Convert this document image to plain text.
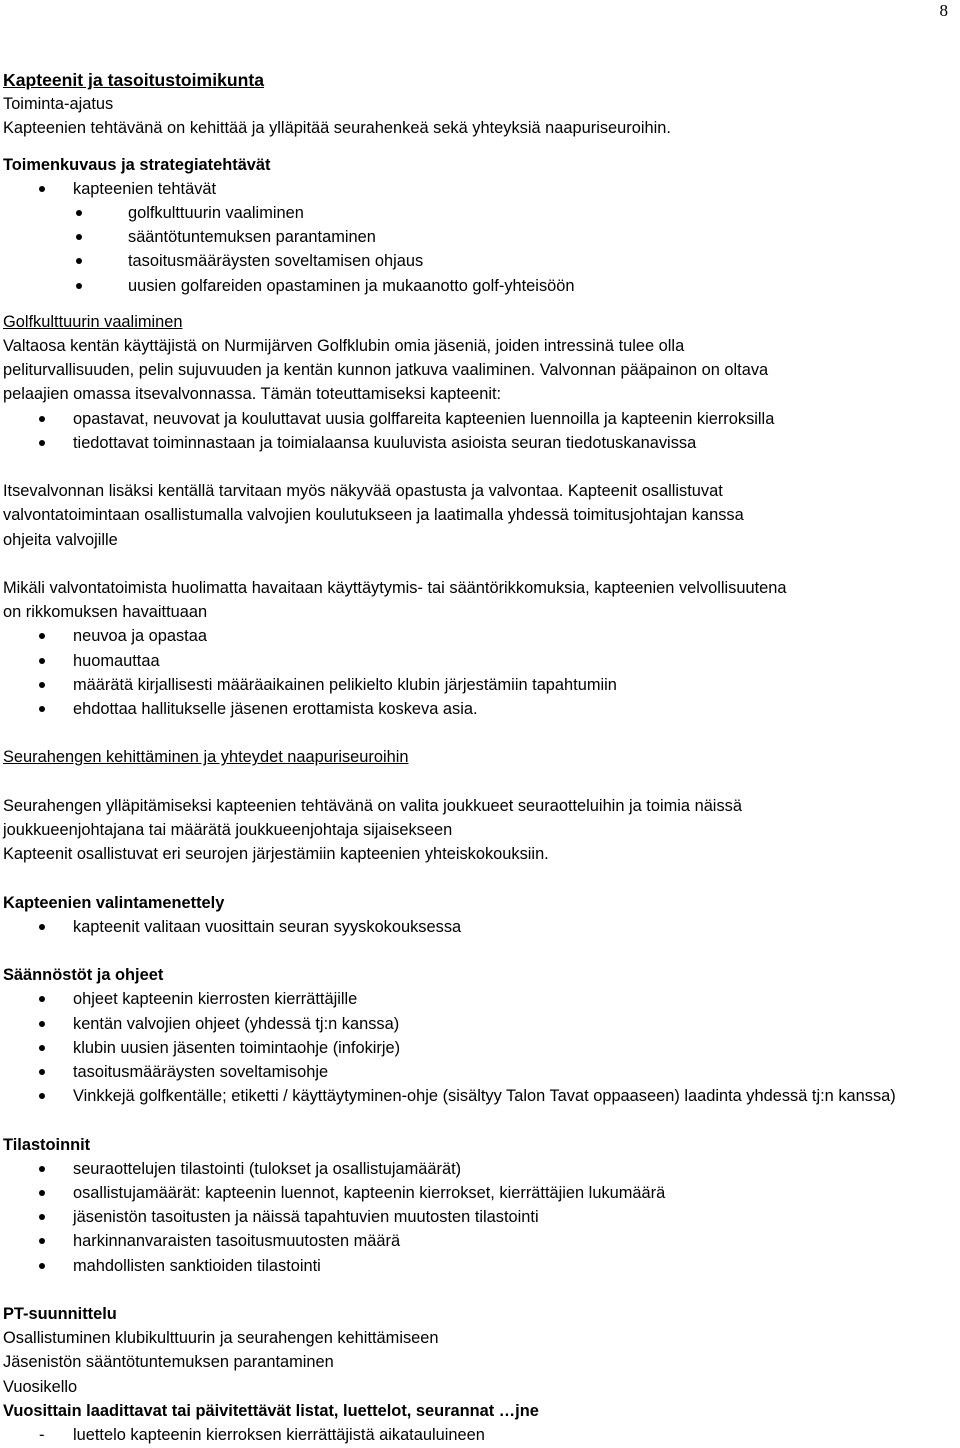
8
Kapteenit ja tasoitustoimikunta
Toiminta-ajatus
Kapteenien tehtävänä on kehittää ja ylläpitää seurahenkeä sekä yhteyksiä naapuriseuroihin.
Toimenkuvaus ja strategiatehtävät
kapteenien tehtävät
golfkulttuurin vaaliminen
sääntötuntemuksen parantaminen
tasoitusmääräysten soveltamisen ohjaus
uusien golfareiden opastaminen ja mukaanotto golf-yhteisöön
Golfkulttuurin vaaliminen
Valtaosa kentän käyttäjistä on Nurmijärven Golfklubin omia jäseniä, joiden intressinä tulee olla
peliturvallisuuden, pelin sujuvuuden ja kentän kunnon jatkuva vaaliminen. Valvonnan pääpainon on oltava
pelaajien omassa itsevalvonnassa. Tämän toteuttamiseksi kapteenit:
opastavat, neuvovat ja kouluttavat uusia golffareita kapteenien luennoilla ja kapteenin kierroksilla
tiedottavat toiminnastaan ja toimialaansa kuuluvista asioista seuran tiedotuskanavissa
Itsevalvonnan lisäksi kentällä tarvitaan myös näkyvää opastusta ja valvontaa. Kapteenit osallistuvat
valvontatoimintaan osallistumalla valvojien koulutukseen ja laatimalla yhdessä toimitusjohtajan kanssa
ohjeita valvojille
Mikäli valvontatoimista huolimatta havaitaan käyttäytymis- tai sääntörikkomuksia, kapteenien velvollisuutena
on rikkomuksen havaittuaan
neuvoa ja opastaa
huomauttaa
määrätä kirjallisesti määräaikainen pelikielto klubin järjestämiin tapahtumiin
ehdottaa hallitukselle jäsenen erottamista koskeva asia.
Seurahengen kehittäminen ja yhteydet naapuriseuroihin
Seurahengen ylläpitämiseksi kapteenien tehtävänä on valita joukkueet seuraotteluihin ja toimia näissä
joukkueenjohtajana tai määrätä joukkueenjohtaja sijaisekseen
Kapteenit osallistuvat eri seurojen järjestämiin kapteenien yhteiskokouksiin.
Kapteenien valintamenettely
kapteenit valitaan vuosittain seuran syyskokouksessa
Säännöstöt ja ohjeet
ohjeet kapteenin kierrosten kierrättäjille
kentän valvojien ohjeet (yhdessä tj:n kanssa)
klubin uusien jäsenten toimintaohje (infokirje)
tasoitusmääräysten soveltamisohje
Vinkkejä golfkentälle; etiketti / käyttäytyminen-ohje (sisältyy Talon Tavat oppaaseen) laadinta yhdessä tj:n kanssa)
Tilastoinnit
seuraottelujen tilastointi (tulokset ja osallistujamäärät)
osallistujamäärät: kapteenin luennot, kapteenin kierrokset, kierrättäjien lukumäärä
jäsenistön tasoitusten ja näissä tapahtuvien muutosten tilastointi
harkinnanvaraisten tasoitusmuutosten määrä
mahdollisten sanktioiden tilastointi
PT-suunnittelu
Osallistuminen klubikulttuurin ja seurahengen kehittämiseen
Jäsenistön sääntötuntemuksen parantaminen
Vuosikello
Vuosittain laadittavat tai päivitettävät listat, luettelot, seurannat …jne
- luettelo kapteenin kierroksen kierrättäjistä aikatauluineen
